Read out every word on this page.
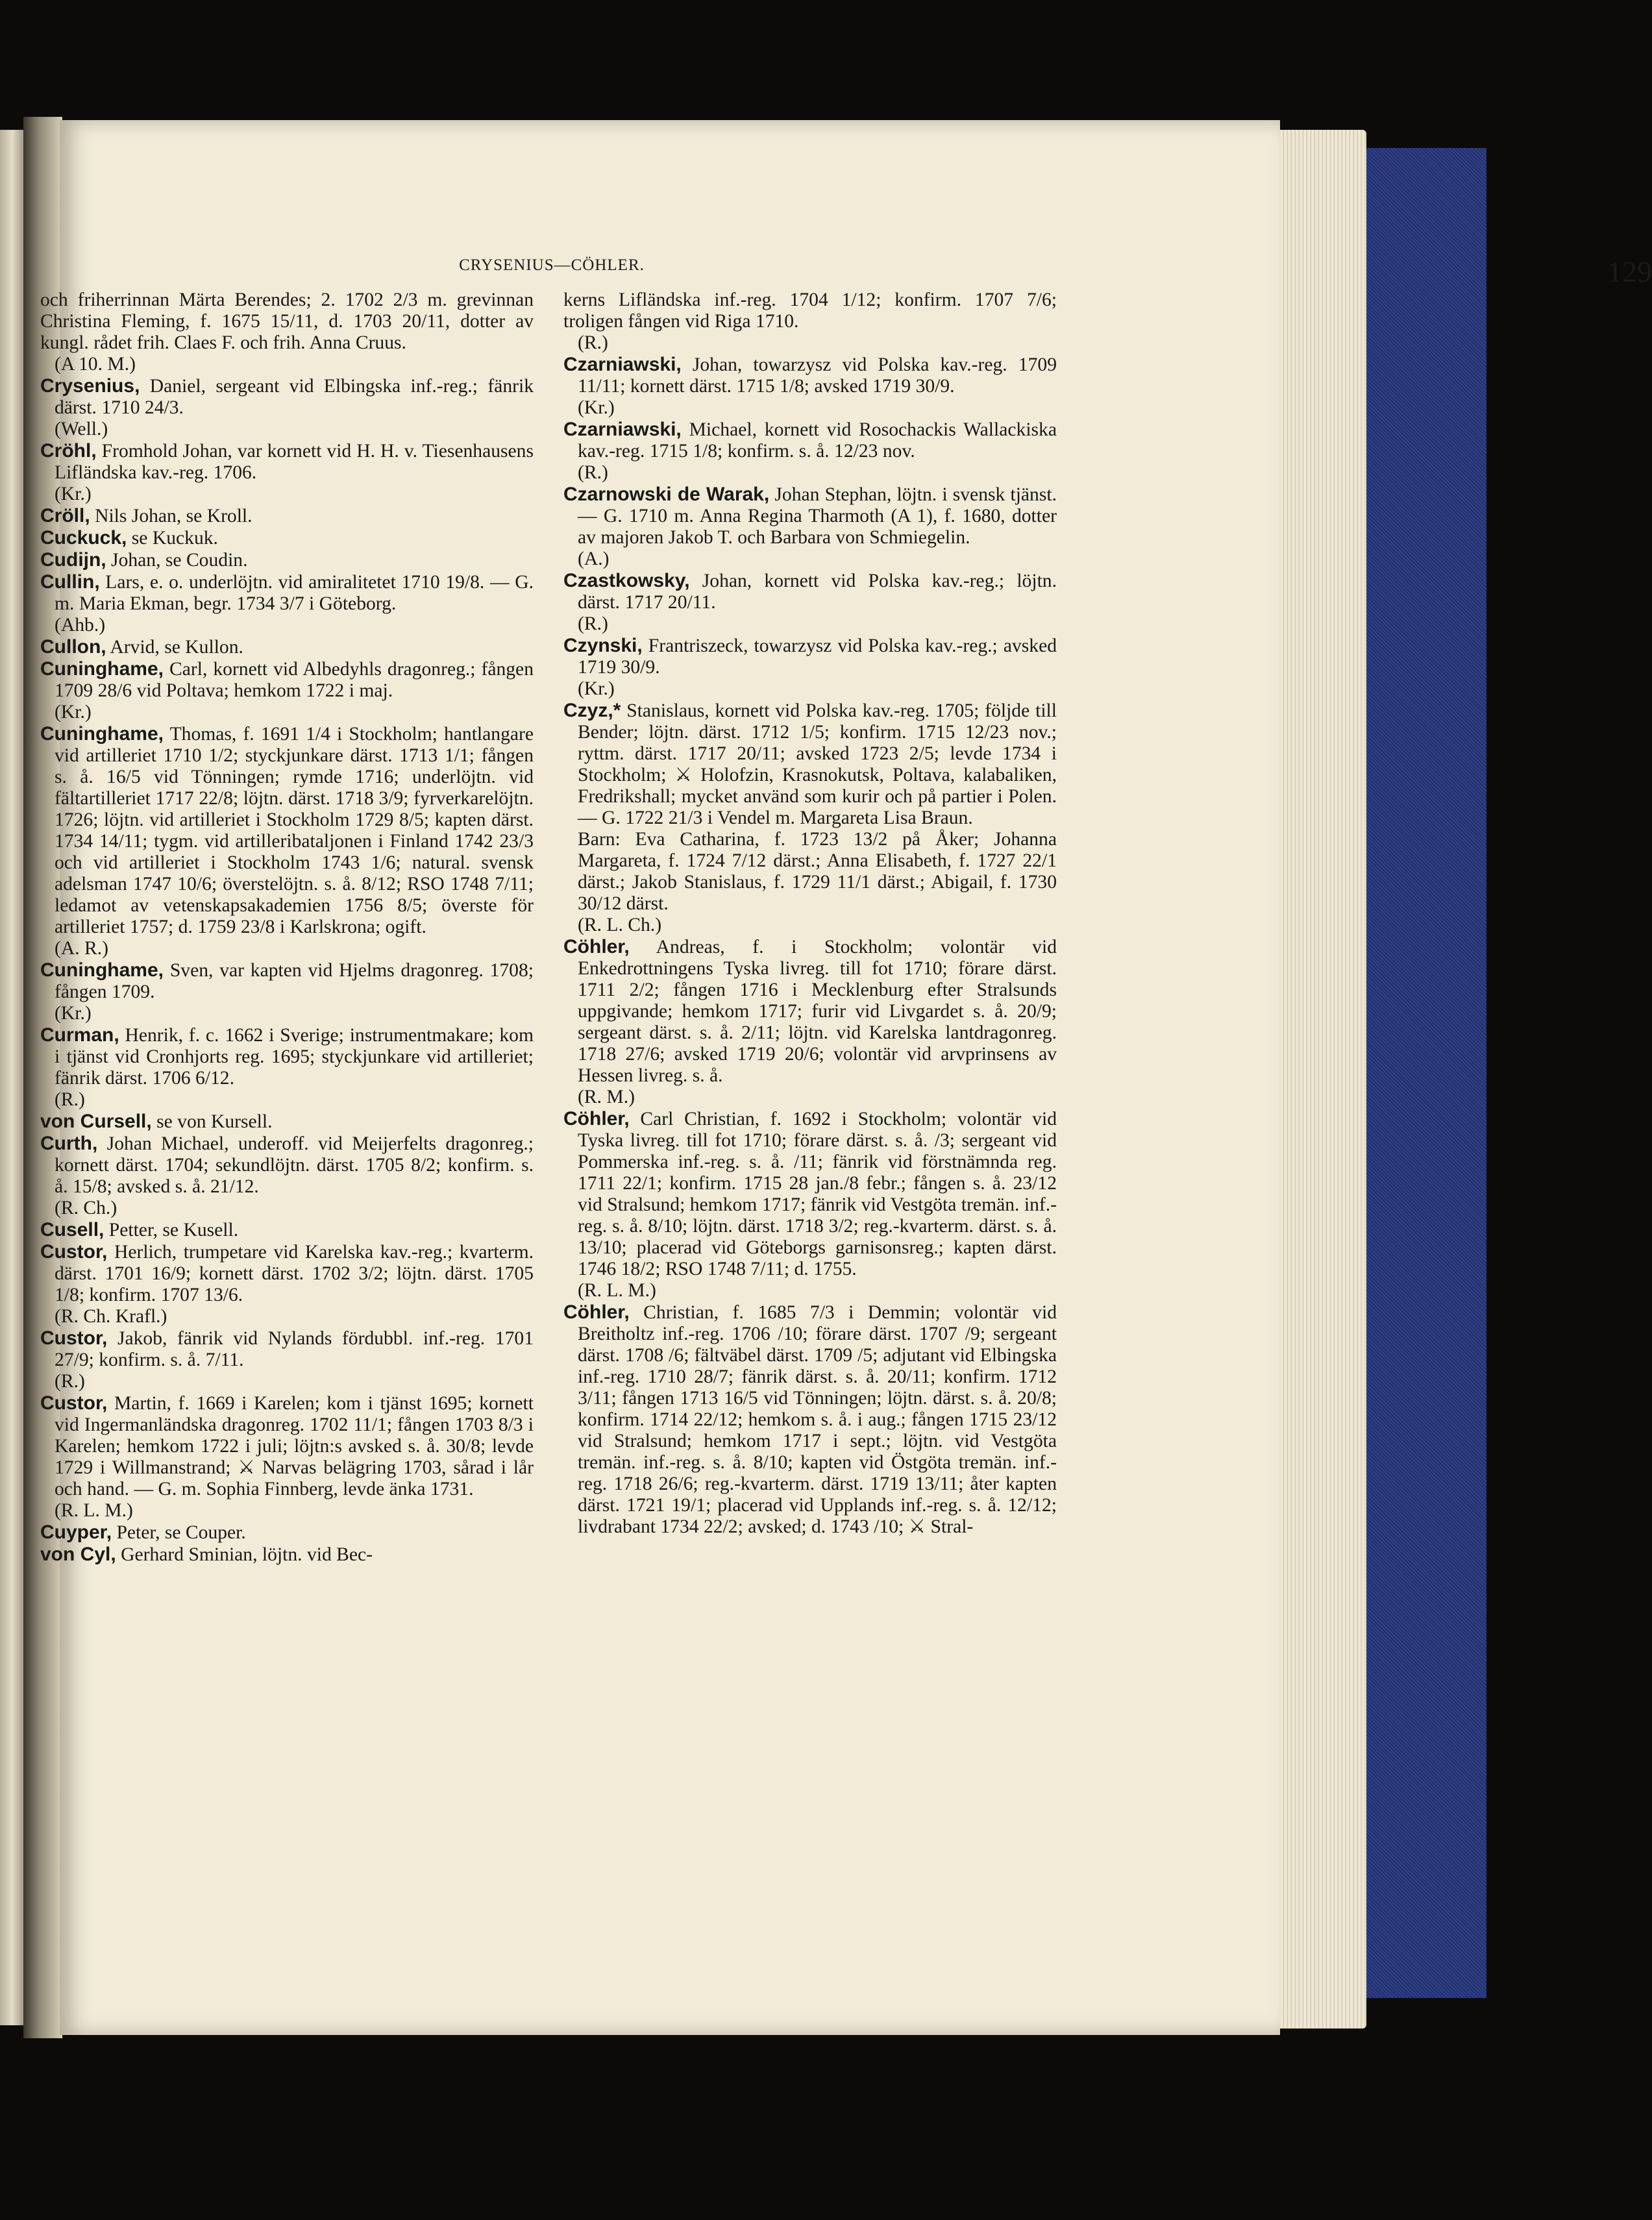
CRYSENIUS—CÖHLER.	129

och friherrinnan Märta Berendes; 2. 1702 2/3 m. grevinnan Christina Fleming, f. 1675 15/11, d. 1703 20/11, dotter av kungl. rådet frih. Claes F. och frih. Anna Cruus.

(A 10. M.)

Crysenius, Daniel, sergeant vid Elbingska inf.-reg.; fänrik därst. 1710 24/3.

(Well.)

Cröhl, Fromhold Johan, var kornett vid H. H. v. Tiesenhausens Lifländska kav.-reg. 1706.

(Kr.)

Cröll, Nils Johan, se Kroll.

Cuckuck, se Kuckuk.

Cudijn, Johan, se Coudin.

Cullin, Lars, e. o. underlöjtn. vid amiralitetet 1710 19/8. — G. m. Maria Ekman, begr. 1734 3/7 i Göteborg.

(Ahb.)

Cullon, Arvid, se Kullon.

Cuninghame, Carl, kornett vid Albedyhls dragonreg.; fången 1709 28/6 vid Poltava; hemkom 1722 i maj.

(Kr.)

Cuninghame, Thomas, f. 1691 1/4 i Stockholm; hantlangare vid artilleriet 1710 1/2; styckjunkare därst. 1713 1/1; fången s. å. 16/5 vid Tönningen; rymde 1716; underlöjtn. vid fältartilleriet 1717 22/8; löjtn. därst. 1718 3/9; fyrverkarelöjtn. 1726; löjtn. vid artilleriet i Stockholm 1729 8/5; kapten därst. 1734 14/11; tygm. vid artilleribataljonen i Finland 1742 23/3 och vid artilleriet i Stockholm 1743 1/6; natural. svensk adelsman 1747 10/6; överstelöjtn. s. å. 8/12; RSO 1748 7/11; ledamot av vetenskapsakademien 1756 8/5; överste för artilleriet 1757; d. 1759 23/8 i Karlskrona; ogift.

(A. R.)

Cuninghame, Sven, var kapten vid Hjelms dragonreg. 1708; fången 1709.

(Kr.)

Curman, Henrik, f. c. 1662 i Sverige; instrumentmakare; kom i tjänst vid Cronhjorts reg. 1695; styckjunkare vid artilleriet; fänrik därst. 1706 6/12.

(R.)

von Cursell, se von Kursell.

Curth, Johan Michael, underoff. vid Meijerfelts dragonreg.; kornett därst. 1704; sekundlöjtn. därst. 1705 8/2; konfirm. s. å. 15/8; avsked s. å. 21/12.

(R. Ch.)

Cusell, Petter, se Kusell.

Custor, Herlich, trumpetare vid Karelska kav.-reg.; kvarterm. därst. 1701 16/9; kornett därst. 1702 3/2; löjtn. därst. 1705 1/8; konfirm. 1707 13/6.

(R. Ch. Krafl.)

Custor, Jakob, fänrik vid Nylands fördubbl. inf.-reg. 1701 27/9; konfirm. s. å. 7/11.

(R.)

Custor, Martin, f. 1669 i Karelen; kom i tjänst 1695; kornett vid Ingermanländska dragonreg. 1702 11/1; fången 1703 8/3 i Karelen; hemkom 1722 i juli; löjtn:s avsked s. å. 30/8; levde 1729 i Willmanstrand; ⚔ Narvas belägring 1703, sårad i lår och hand. — G. m. Sophia Finnberg, levde änka 1731.

(R. L. M.)

Cuyper, Peter, se Couper.

von Cyl, Gerhard Sminian, löjtn. vid Bec-

kerns Lifländska inf.-reg. 1704 1/12; konfirm. 1707 7/6; troligen fången vid Riga 1710.

(R.)

Czarniawski, Johan, towarzysz vid Polska kav.-reg. 1709 11/11; kornett därst. 1715 1/8; avsked 1719 30/9.

(Kr.)

Czarniawski, Michael, kornett vid Rosochackis Wallackiska kav.-reg. 1715 1/8; konfirm. s. å. 12/23 nov.

(R.)

Czarnowski de Warak, Johan Stephan, löjtn. i svensk tjänst. — G. 1710 m. Anna Regina Tharmoth (A 1), f. 1680, dotter av majoren Jakob T. och Barbara von Schmiegelin.

(A.)

Czastkowsky, Johan, kornett vid Polska kav.-reg.; löjtn. därst. 1717 20/11.

(R.)

Czynski, Frantriszeck, towarzysz vid Polska kav.-reg.; avsked 1719 30/9.

(Kr.)

Czyz,* Stanislaus, kornett vid Polska kav.-reg. 1705; följde till Bender; löjtn. därst. 1712 1/5; konfirm. 1715 12/23 nov.; ryttm. därst. 1717 20/11; avsked 1723 2/5; levde 1734 i Stockholm; ⚔ Holofzin, Krasnokutsk, Poltava, kalabaliken, Fredrikshall; mycket använd som kurir och på partier i Polen. — G. 1722 21/3 i Vendel m. Margareta Lisa Braun.

Barn: Eva Catharina, f. 1723 13/2 på Åker; Johanna Margareta, f. 1724 7/12 därst.; Anna Elisabeth, f. 1727 22/1 därst.; Jakob Stanislaus, f. 1729 11/1 därst.; Abigail, f. 1730 30/12 därst.

(R. L. Ch.)

Cöhler, Andreas, f. i Stockholm; volontär vid Enkedrottningens Tyska livreg. till fot 1710; förare därst. 1711 2/2; fången 1716 i Mecklenburg efter Stralsunds uppgivande; hemkom 1717; furir vid Livgardet s. å. 20/9; sergeant därst. s. å. 2/11; löjtn. vid Karelska lantdragonreg. 1718 27/6; avsked 1719 20/6; volontär vid arvprinsens av Hessen livreg. s. å.

(R. M.)

Cöhler, Carl Christian, f. 1692 i Stockholm; volontär vid Tyska livreg. till fot 1710; förare därst. s. å. /3; sergeant vid Pommerska inf.-reg. s. å. /11; fänrik vid förstnämnda reg. 1711 22/1; konfirm. 1715 28 jan./8 febr.; fången s. å. 23/12 vid Stralsund; hemkom 1717; fänrik vid Vestgöta tremän. inf.-reg. s. å. 8/10; löjtn. därst. 1718 3/2; reg.-kvarterm. därst. s. å. 13/10; placerad vid Göteborgs garnisonsreg.; kapten därst. 1746 18/2; RSO 1748 7/11; d. 1755.

(R. L. M.)

Cöhler, Christian, f. 1685 7/3 i Demmin; volontär vid Breitholtz inf.-reg. 1706 /10; förare därst. 1707 /9; sergeant därst. 1708 /6; fältväbel därst. 1709 /5; adjutant vid Elbingska inf.-reg. 1710 28/7; fänrik därst. s. å. 20/11; konfirm. 1712 3/11; fången 1713 16/5 vid Tönningen; löjtn. därst. s. å. 20/8; konfirm. 1714 22/12; hemkom s. å. i aug.; fången 1715 23/12 vid Stralsund; hemkom 1717 i sept.; löjtn. vid Vestgöta tremän. inf.-reg. s. å. 8/10; kapten vid Östgöta tremän. inf.-reg. 1718 26/6; reg.-kvarterm. därst. 1719 13/11; åter kapten därst. 1721 19/1; placerad vid Upplands inf.-reg. s. å. 12/12; livdrabant 1734 22/2; avsked; d. 1743 /10; ⚔ Stral-
